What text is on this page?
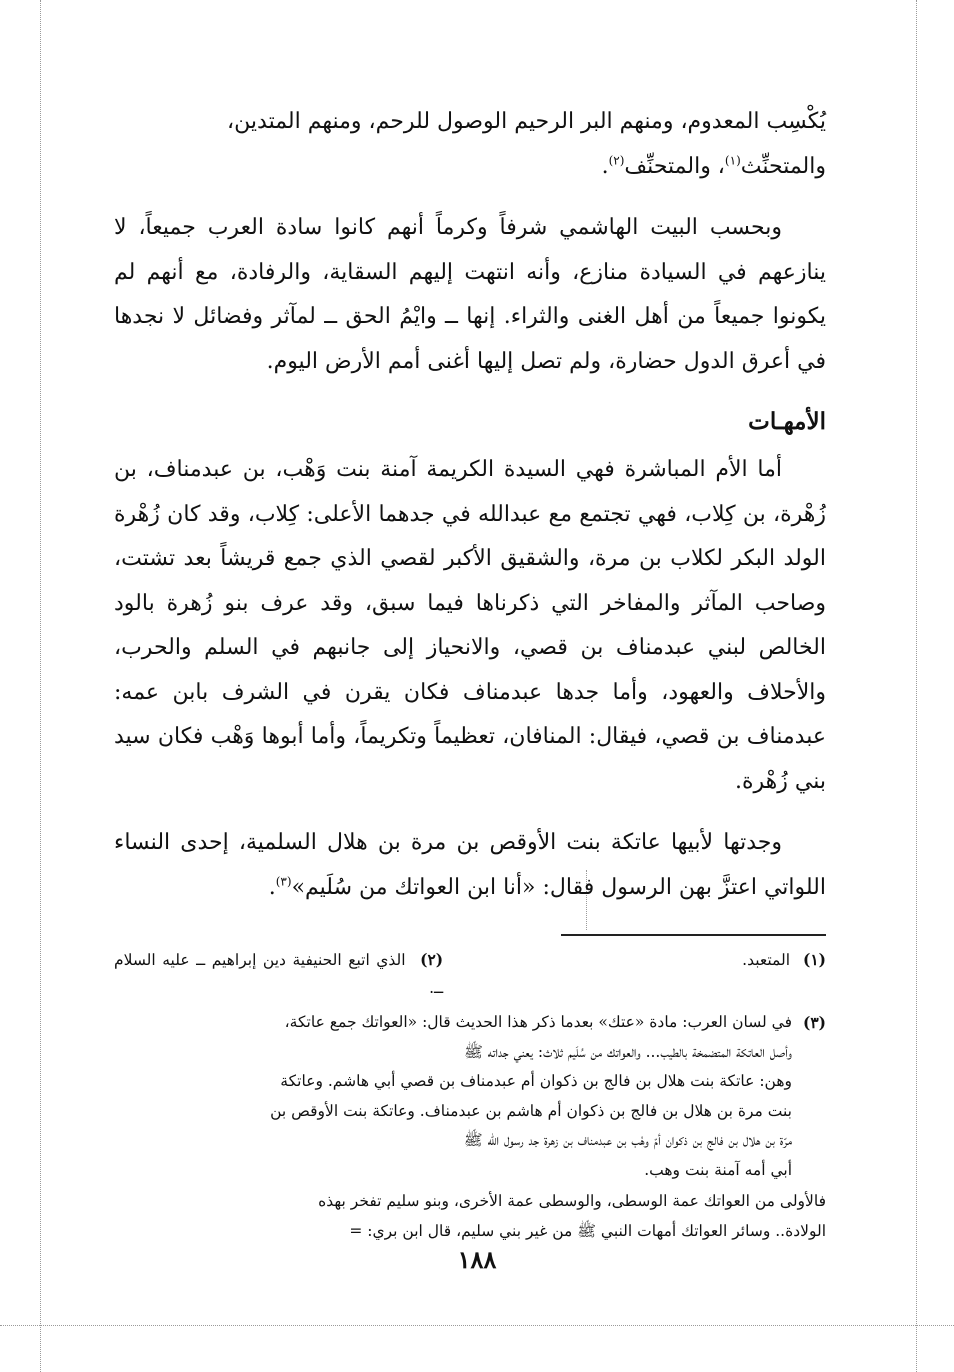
يُكْسِب المعدوم، ومنهم البر الرحيم الوصول للرحم، ومنهم المتدين،
والمتحنِّث$^{(١)}$، والمتحنِّف$^{(٢)}$.

وبحسب البيت الهاشمي شرفاً وكرماً أنهم كانوا سادة العرب جميعاً، لا ينازعهم في السيادة منازع، وأنه انتهت إليهم السقاية، والرفادة، مع أنهم لم يكونوا جميعاً من أهل الغنى والثراء. إنها ــ وايْمُ الحق ــ لمآثر وفضائل لا نجدها في أعرق الدول حضارة، ولم تصل إليها أغنى أمم الأرض اليوم.

الأمهـات

أما الأم المباشرة فهي السيدة الكريمة آمنة بنت وَهْب، بن عبدمناف، بن زُهْرة، بن كِلاب، فهي تجتمع مع عبدالله في جدهما الأعلى: كِلاب، وقد كان زُهْرة الولد البكر لكلاب بن مرة، والشقيق الأكبر لقصي الذي جمع قريشاً بعد تشتت، وصاحب المآثر والمفاخر التي ذكرناها فيما سبق، وقد عرف بنو زُهرة بالود الخالص لبني عبدمناف بن قصي، والانحياز إلى جانبهم في السلم والحرب، والأحلاف والعهود، وأما جدها عبدمناف فكان يقرن في الشرف بابن عمه: عبدمناف بن قصي، فيقال: المنافان، تعظيماً وتكريماً، وأما أبوها وَهْب فكان سيد بني زُهْرة.

وجدتها لأبيها عاتكة بنت الأوقص بن مرة بن هلال السلمية، إحدى النساء اللواتي اعتزَّ بهن الرسول فقال: «أنا ابن العواتك من سُلَيم»$^{(٣)}$.

(١) المتعبد.
(٢) الذي اتبع الحنيفية دين إبراهيم ــ عليه السلام ــ.
(٣)
في لسان العرب: مادة «عتك» بعدما ذكر هذا الحديث قال: «العواتك جمع عاتكة،
وأصل العاتكة المتضمخة بالطيب... والعواتك من سُلَيم ثلاث: يعني جداته ﷺ
وهن: عاتكة بنت هلال بن فالج بن ذكوان أم عبدمناف بن قصي أبي هاشم. وعاتكة
بنت مرة بن هلال بن فالج بن ذكوان أم هاشم بن عبدمناف. وعاتكة بنت الأوقص بن
مرّة بن هلال بن فالج بن ذكوان أمّ وهْب بن عبدمناف بن زهرة جد رسول الله ﷺ
أبي أمه آمنة بنت وهب.
فالأولى من العواتك عمة الوسطى، والوسطى عمة الأخرى، وبنو سليم تفخر بهذه
الولادة.. وسائر العواتك أمهات النبي ﷺ من غير بني سليم، قال ابن بري: =
١٨٨
